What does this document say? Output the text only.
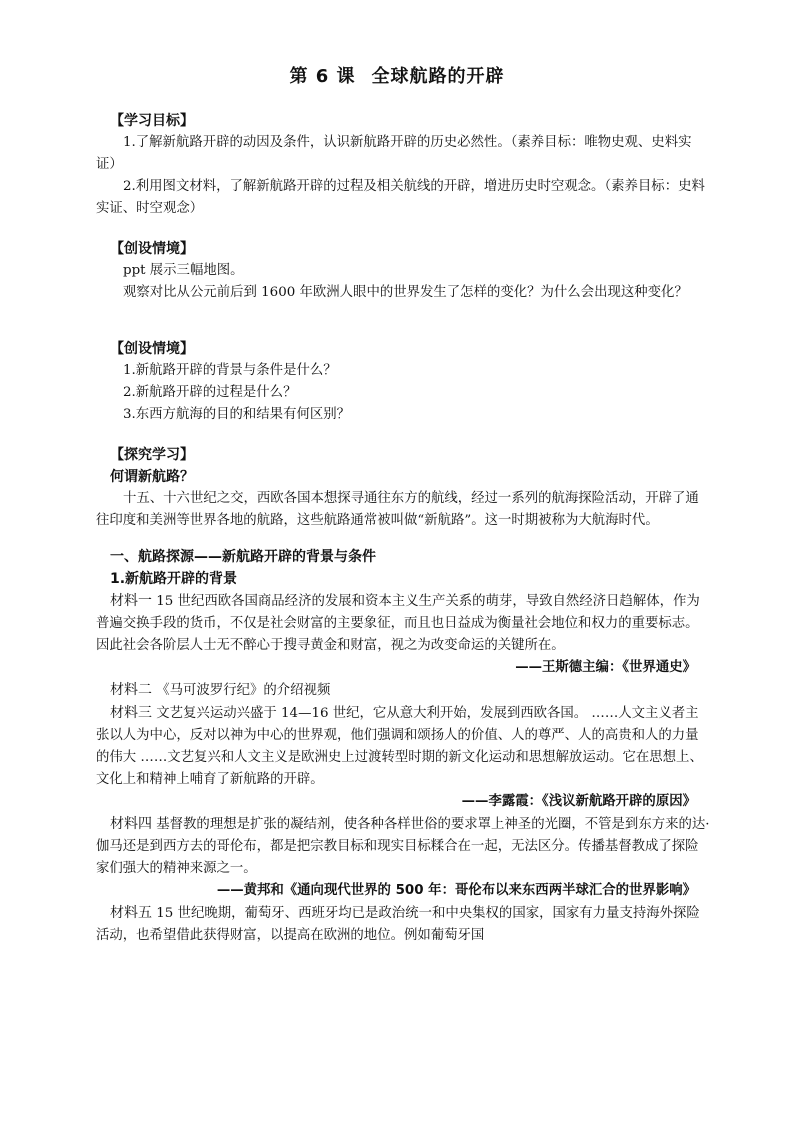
第 6 课 全球航路的开辟

【学习目标】

1.了解新航路开辟的动因及条件，认识新航路开辟的历史必然性。（素养目标：唯物史观、史料实证）

2.利用图文材料，了解新航路开辟的过程及相关航线的开辟，增进历史时空观念。（素养目标：史料实证、时空观念）

【创设情境】

ppt 展示三幅地图。

观察对比从公元前后到 1600 年欧洲人眼中的世界发生了怎样的变化？为什么会出现这种变化？

【创设情境】

1.新航路开辟的背景与条件是什么？

2.新航路开辟的过程是什么？

3.东西方航海的目的和结果有何区别？

【探究学习】

何谓新航路？

十五、十六世纪之交，西欧各国本想探寻通往东方的航线，经过一系列的航海探险活动，开辟了通往印度和美洲等世界各地的航路，这些航路通常被叫做“新航路”。这一时期被称为大航海时代。

一、航路探源——新航路开辟的背景与条件

1.新航路开辟的背景

材料一 15 世纪西欧各国商品经济的发展和资本主义生产关系的萌芽，导致自然经济日趋解体，作为普遍交换手段的货币，不仅是社会财富的主要象征，而且也日益成为衡量社会地位和权力的重要标志。因此社会各阶层人士无不醉心于搜寻黄金和财富，视之为改变命运的关键所在。

——王斯德主编：《世界通史》

材料二 《马可波罗行纪》的介绍视频

材料三 文艺复兴运动兴盛于 14—16 世纪，它从意大利开始，发展到西欧各国。 ……人文主义者主张以人为中心，反对以神为中心的世界观，他们强调和颂扬人的价值、人的尊严、人的高贵和人的力量的伟大 ……文艺复兴和人文主义是欧洲史上过渡转型时期的新文化运动和思想解放运动。它在思想上、文化上和精神上哺育了新航路的开辟。

——李露霞：《浅议新航路开辟的原因》

材料四 基督教的理想是扩张的凝结剂，使各种各样世俗的要求罩上神圣的光圈，不管是到东方来的达·伽马还是到西方去的哥伦布，都是把宗教目标和现实目标糅合在一起，无法区分。传播基督教成了探险家们强大的精神来源之一。

——黄邦和《通向现代世界的 500 年：哥伦布以来东西两半球汇合的世界影响》

材料五 15 世纪晚期，葡萄牙、西班牙均已是政治统一和中央集权的国家，国家有力量支持海外探险活动，也希望借此获得财富，以提高在欧洲的地位。例如葡萄牙国
